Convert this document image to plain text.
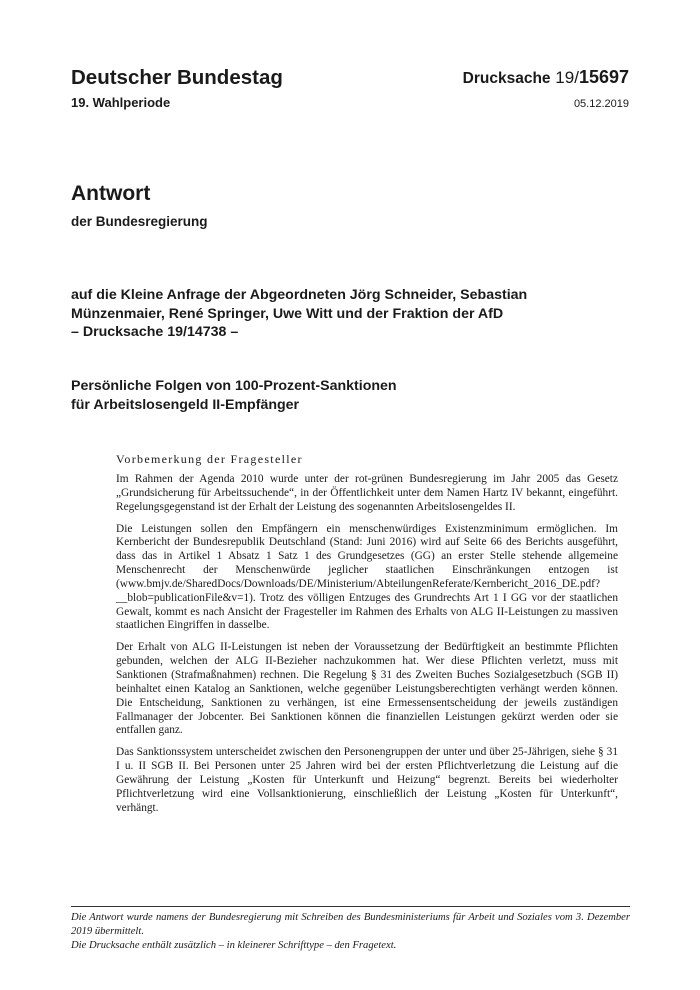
Deutscher Bundestag
19. Wahlperiode
Drucksache 19/15697
05.12.2019
Antwort
der Bundesregierung
auf die Kleine Anfrage der Abgeordneten Jörg Schneider, Sebastian
Münzenmaier, René Springer, Uwe Witt und der Fraktion der AfD
– Drucksache 19/14738 –
Persönliche Folgen von 100-Prozent-Sanktionen
für Arbeitslosengeld II-Empfänger
Vorbemerkung der Fragesteller

Im Rahmen der Agenda 2010 wurde unter der rot-grünen Bundesregierung im Jahr 2005 das Gesetz „Grundsicherung für Arbeitssuchende“, in der Öffentlichkeit unter dem Namen Hartz IV bekannt, eingeführt. Regelungsgegenstand ist der Erhalt der Leistung des sogenannten Arbeitslosengeldes II.

Die Leistungen sollen den Empfängern ein menschenwürdiges Existenzminimum ermöglichen. Im Kernbericht der Bundesrepublik Deutschland (Stand: Juni 2016) wird auf Seite 66 des Berichts ausgeführt, dass das in Artikel 1 Absatz 1 Satz 1 des Grundgesetzes (GG) an erster Stelle stehende allgemeine Menschenrecht der Menschenwürde jeglicher staatlichen Einschränkungen entzogen ist (www.bmjv.de/SharedDocs/Downloads/DE/Ministerium/AbteilungenReferate/Kernbericht_2016_DE.pdf?__blob=publicationFile&v=1). Trotz des völligen Entzuges des Grundrechts Art 1 I GG vor der staatlichen Gewalt, kommt es nach Ansicht der Fragesteller im Rahmen des Erhalts von ALG II-Leistungen zu massiven staatlichen Eingriffen in dasselbe.

Der Erhalt von ALG II-Leistungen ist neben der Voraussetzung der Bedürftigkeit an bestimmte Pflichten gebunden, welchen der ALG II-Bezieher nachzukommen hat. Wer diese Pflichten verletzt, muss mit Sanktionen (Strafmaßnahmen) rechnen. Die Regelung § 31 des Zweiten Buches Sozialgesetzbuch (SGB II) beinhaltet einen Katalog an Sanktionen, welche gegenüber Leistungsberechtigten verhängt werden können. Die Entscheidung, Sanktionen zu verhängen, ist eine Ermessensentscheidung der jeweils zuständigen Fallmanager der Jobcenter. Bei Sanktionen können die finanziellen Leistungen gekürzt werden oder sie entfallen ganz.

Das Sanktionssystem unterscheidet zwischen den Personengruppen der unter und über 25-Jährigen, siehe § 31 I u. II SGB II. Bei Personen unter 25 Jahren wird bei der ersten Pflichtverletzung die Leistung auf die Gewährung der Leistung „Kosten für Unterkunft und Heizung“ begrenzt. Bereits bei wiederholter Pflichtverletzung wird eine Vollsanktionierung, einschließlich der Leistung „Kosten für Unterkunft“, verhängt.

Die Antwort wurde namens der Bundesregierung mit Schreiben des Bundesministeriums für Arbeit und Soziales vom 3. Dezember 2019 übermittelt.

Die Drucksache enthält zusätzlich – in kleinerer Schrifttype – den Fragetext.
